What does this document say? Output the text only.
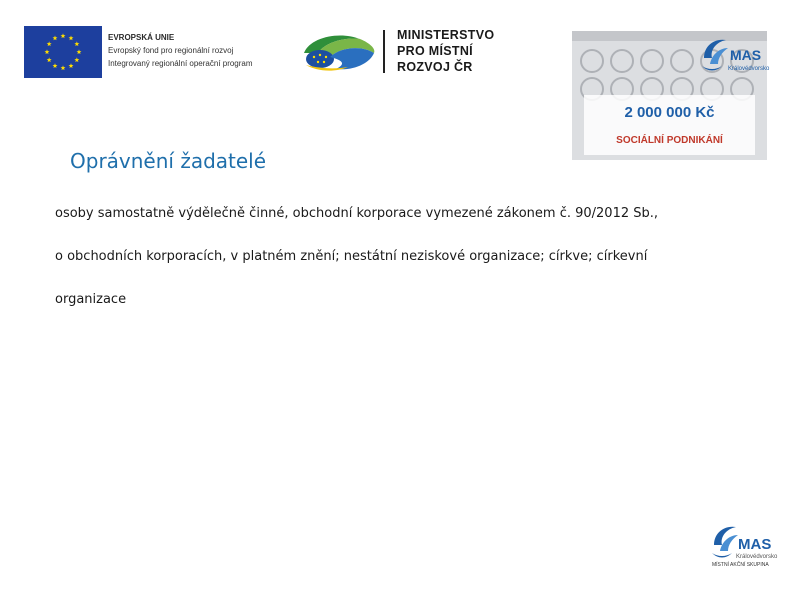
EVROPSKÁ UNIE
Evropský fond pro regionální rozvoj
Integrovaný regionální operační program
MINISTERSTVO
PRO MÍSTNÍ
ROZVOJ ČR
MAS
Královédvorsko
2 000 000 Kč
SOCIÁLNÍ PODNIKÁNÍ
Oprávnění žadatelé

osoby samostatně výdělečně činné, obchodní korporace vymezené zákonem č. 90/2012 Sb.,

o obchodních korporacích, v platném znění; nestátní neziskové organizace; církve; církevní

organizace

MAS
Královédvorsko
MÍSTNÍ AKČNÍ SKUPINA
